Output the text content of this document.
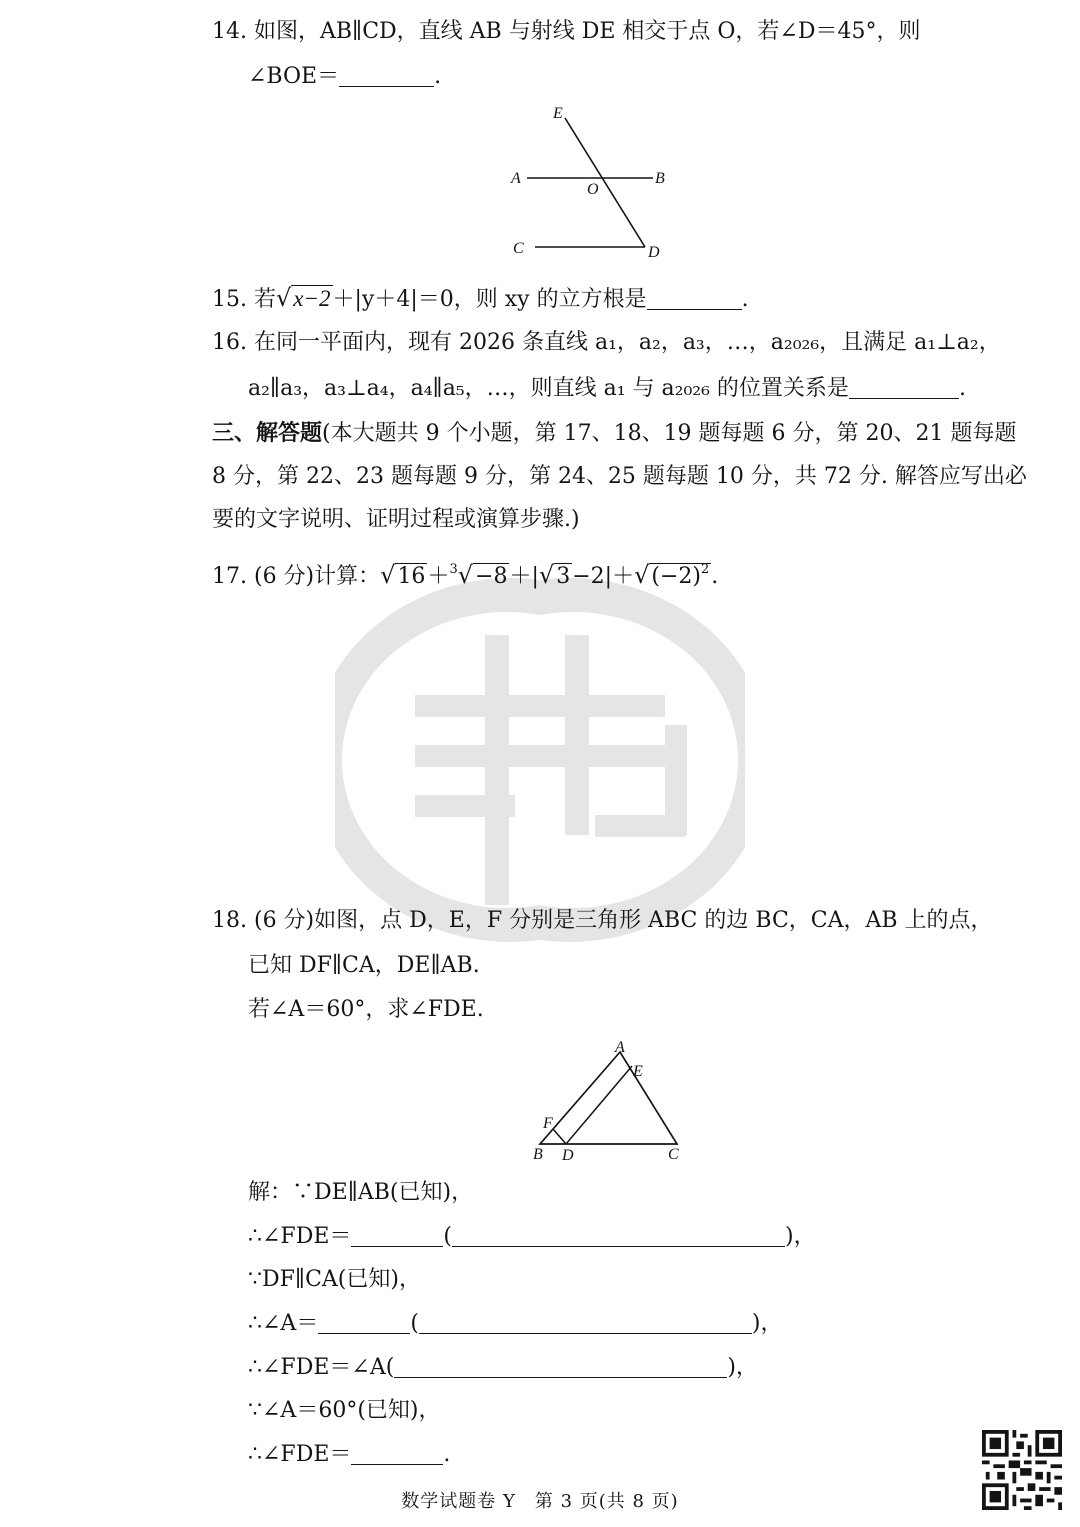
14. 如图，AB∥CD，直线 AB 与射线 DE 相交于点 O，若∠D＝45°，则
∠BOE＝	.
E
A	B
O
C	D
15. 若√x−2＋|y＋4|＝0，则 xy 的立方根是	.
16. 在同一平面内，现有 2026 条直线 a₁，a₂，a₃，…，a₂₀₂₆，且满足 a₁⊥a₂，
a₂∥a₃，a₃⊥a₄，a₄∥a₅，…，则直线 a₁ 与 a₂₀₂₆ 的位置关系是	.
三、解答题(本大题共 9 个小题，第 17、18、19 题每题 6 分，第 20、21 题每题
8 分，第 22、23 题每题 9 分，第 24、25 题每题 10 分，共 72 分. 解答应写出必
要的文字说明、证明过程或演算步骤.)
17. (6 分)计算：$√16+^3√-8+|√3-2|+√(-2)^2$.
18. (6 分)如图，点 D，E，F 分别是三角形 ABC 的边 BC，CA，AB 上的点，
已知 DF∥CA，DE∥AB.
若∠A＝60°，求∠FDE.
A
E
F
B D	C
解：∵DE∥AB(已知)，
∴∠FDE＝	(	)，
∵DF∥CA(已知)，
∴∠A＝	(	)，
∴∠FDE＝∠A(	)，
∵∠A＝60°(已知)，
∴∠FDE＝	.
数学试题卷 Y　第 3 页(共 8 页)
